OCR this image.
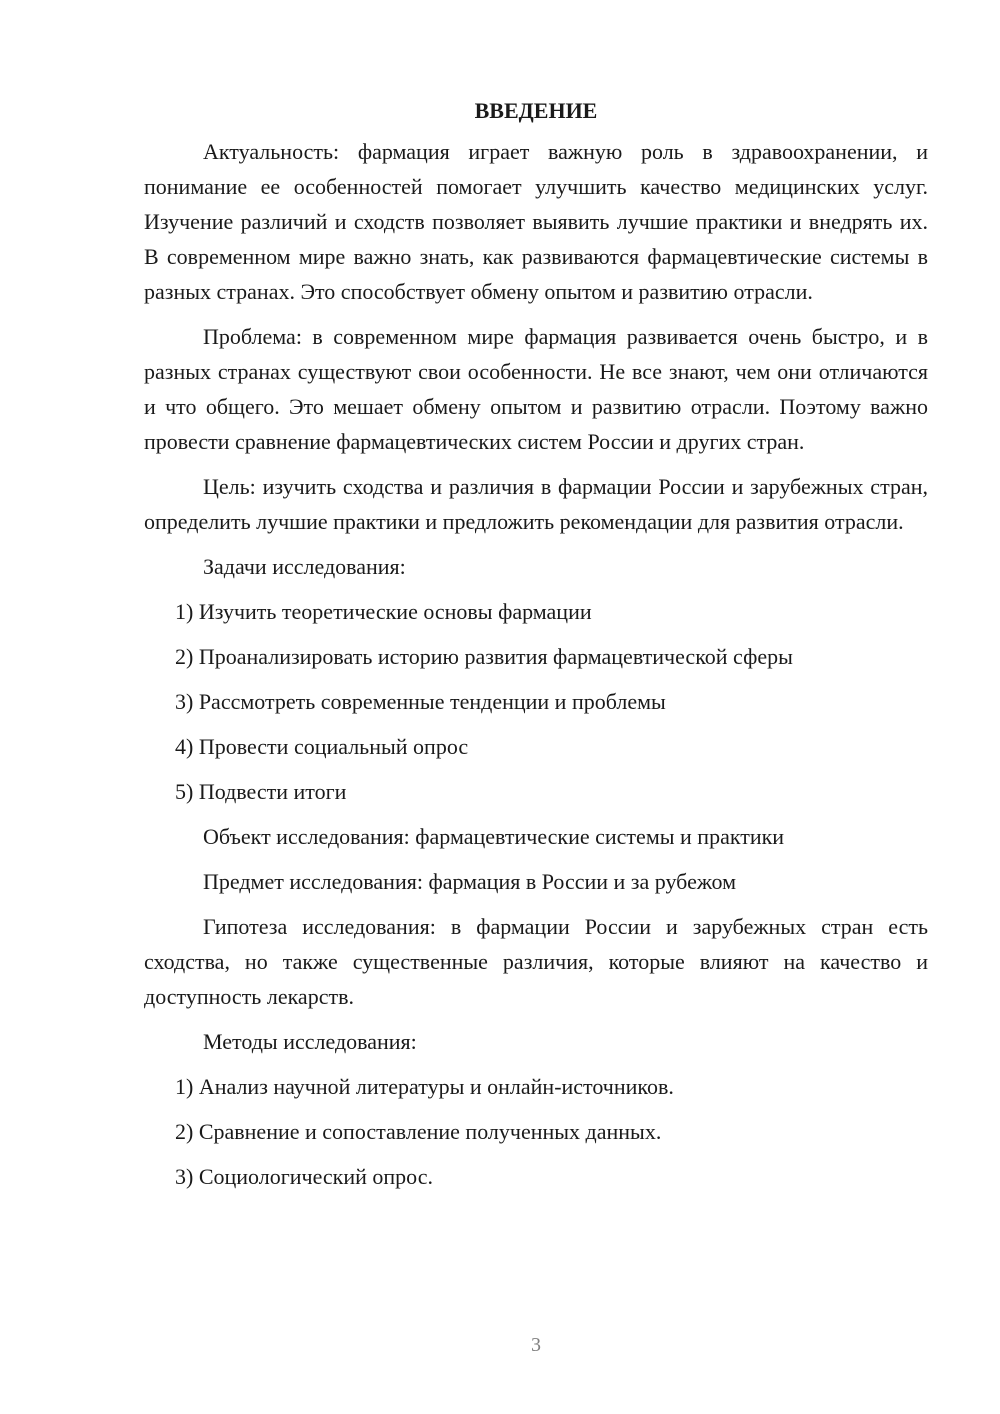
ВВЕДЕНИЕ

Актуальность: фармация играет важную роль в здравоохранении, и понимание ее особенностей помогает улучшить качество медицинских услуг. Изучение различий и сходств позволяет выявить лучшие практики и внедрять их. В современном мире важно знать, как развиваются фармацевтические системы в разных странах. Это способствует обмену опытом и развитию отрасли.

Проблема: в современном мире фармация развивается очень быстро, и в разных странах существуют свои особенности. Не все знают, чем они отличаются и что общего. Это мешает обмену опытом и развитию отрасли. Поэтому важно провести сравнение фармацевтических систем России и других стран.

Цель: изучить сходства и различия в фармации России и зарубежных стран, определить лучшие практики и предложить рекомендации для развития отрасли.

Задачи исследования:

1) Изучить теоретические основы фармации

2) Проанализировать историю развития фармацевтической сферы

3) Рассмотреть современные тенденции и проблемы

4) Провести социальный опрос

5) Подвести итоги

Объект исследования: фармацевтические системы и практики

Предмет исследования: фармация в России и за рубежом

Гипотеза исследования: в фармации России и зарубежных стран есть сходства, но также существенные различия, которые влияют на качество и доступность лекарств.

Методы исследования:

1) Анализ научной литературы и онлайн-источников.

2) Сравнение и сопоставление полученных данных.

3) Социологический опрос.

3
